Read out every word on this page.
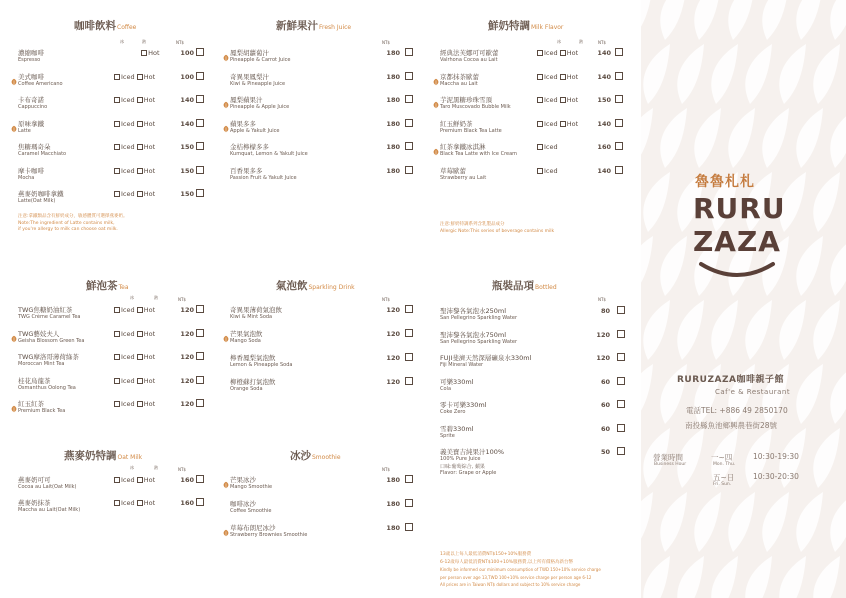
咖啡飲料Coffee
冰	熱	NT$
注意:拿鐵類品含有鮮奶成分，敏感體質可選擇燕麥奶。
Note:The ingredient of Latte contains milk,
if you're allergy to milk can choose oat milk.
濃縮咖啡
Espresso
Hot	100
美式咖啡
Coffee Americano
Iced Hot	100
卡布奇諾
Cappuccino
Iced Hot	140
原味拿鐵
Latte
Iced Hot	140
焦糖瑪奇朵
Caramel Macchiato
Iced Hot	150
摩卡咖啡
Mocha
Iced Hot	150
燕麥奶咖啡拿鐵
Latte(Oat Milk)
Iced Hot	150
新鮮果汁Fresh Juice
NT$
鳳梨胡蘿蔔汁
Pineapple & Carrot Juice
180
奇異果鳳梨汁
Kiwi & Pineapple Juice
180
鳳梨蘋果汁
Pineapple & Apple Juice
180
蘋果多多
Apple & Yakult Juice
180
金桔檸檬多多
Kumquat, Lemon & Yakult Juice
180
百香果多多
Passion Fruit & Yakult Juice
180
鮮奶特調Milk Flavor
冰	熱	NT$
注意:鮮奶特調系列含乳製品成分
Allergic Note:This series of beverage contains milk
經典法芙娜可可歐蕾
Valrhona Cocoa au Lait
Iced Hot	140
京都抹茶歐蕾
Maccha au Lait
Iced Hot	140
芋泥黑糖珍珠雪頂
Taro Muscovado Bubble Milk
Iced Hot	150
紅玉鮮奶茶
Premium Black Tea Latte
Iced Hot	140
紅茶拿鐵冰淇淋
Black Tea Latte with Ice Cream
Iced	160
草莓歐蕾
Strawberry au Lait
Iced	140
鮮泡茶Tea
冰	熱	NT$
TWG焦糖奶油紅茶
TWG Crème Caramel Tea
Iced Hot	120
TWG藝妓夫人
Geisha Blossom Green Tea
Iced Hot	120
TWG摩洛哥薄荷綠茶
Moroccan Mint Tea
Iced Hot	120
桂花烏龍茶
Osmanthus Oolong Tea
Iced Hot	120
紅玉紅茶
Premium Black Tea
Iced Hot	120
氣泡飲Sparkling Drink
NT$
奇異果薄荷氣泡飲
Kiwi & Mint Soda
120
芒果氣泡飲
Mango Soda
120
檸香鳳梨氣泡飲
Lemon & Pineapple Soda
120
柳橙蘇打氣泡飲
Orange Soda
120
瓶裝品項Bottled
NT$
聖沛黎各氣泡水250ml
San Pellegrino Sparkling Water
80
聖沛黎各氣泡水750ml
San Pellegrino Sparkling Water
120
FUJI斐濟天然深層礦泉水330ml
Fiji Mineral Water
120
可樂330ml
Cola
60
零卡可樂330ml
Coke Zero
60
雪碧330ml
Sprite
60
義美寶吉純果汁100%
100% Pure Juice
口味:葡萄綜合, 蘋果
Flavor: Grape or Apple
50
燕麥奶特調Oat Milk
冰	熱	NT$
燕麥奶可可
Cocoa au Lait(Oat Milk)
Iced Hot	160
燕麥奶抹茶
Maccha au Lait(Oat Milk)
Iced Hot	160
冰沙Smoothie
NT$
芒果冰沙
Mango Smoothie
180
咖啡冰沙
Coffee Smoothie
180
草莓布朗尼冰沙
Strawberry Brownies Smoothie
180
13歲以上每人最低消費NT$150+10%服務費
6-12歲每人最低消費NT$100+10%服務費,以上所有價格為新台幣
Kindly be informed our minimum consumption of TWD 150+10% service charge
per person over age 13,TWD 100+10% service charge per person age 6-12
All prices are in Taiwan NT$ dollars and subject to 10% service charge
魯魯札札
RURU
ZAZA
RURUZAZA咖啡親子館
Caf'e & Restaurant
電話TEL: +886 49 2850170
南投縣魚池鄉興農巷街28號
營業時間
Business Hour
一~四
Mon. Thu.
10:30-19:30
五~日
Fri. Sun.
10:30-20:30
